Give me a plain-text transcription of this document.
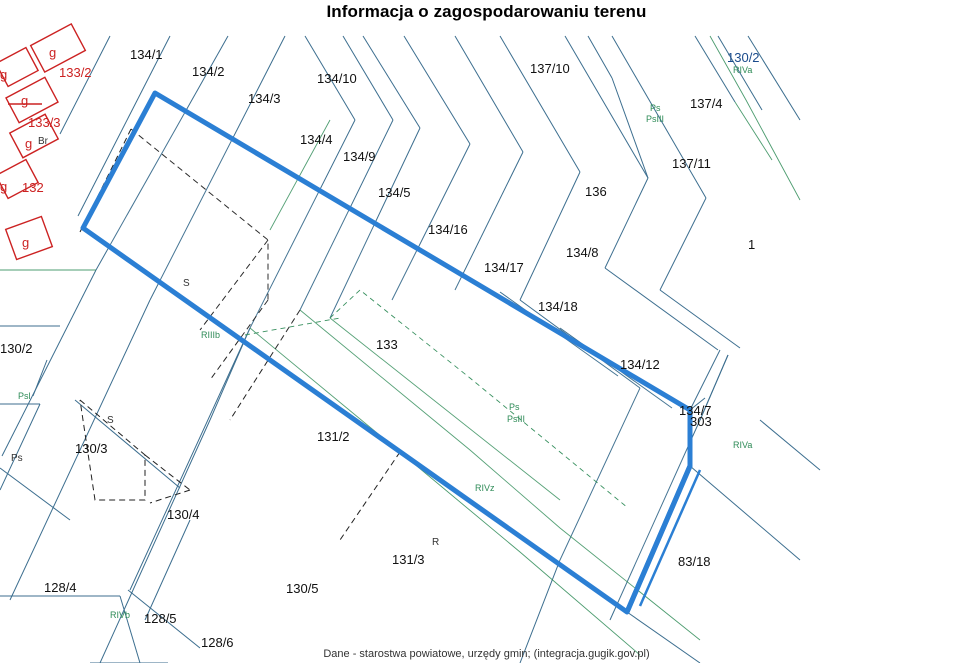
Informacja o zagospodarowaniu terenu
134/1
134/2
134/3
134/10
134/4
134/9
134/5
134/16
134/17
134/8
134/18
134/12
134/7
303
136
137/10
137/4
137/11
133
131/2
131/3
130/2
130/3
130/4
130/5
128/4
128/5
128/6
83/18
1
g
133/2
g
g
133/3
g
132
g
g
RIVa
Ps
PsIII
RIIIb
Ps
PsIII
RIVa
RIVz
Psl
RIVb
Br
S
S
Ps
R
130/2
Dane - starostwa powiatowe, urzędy gmin; (integracja.gugik.gov.pl)
